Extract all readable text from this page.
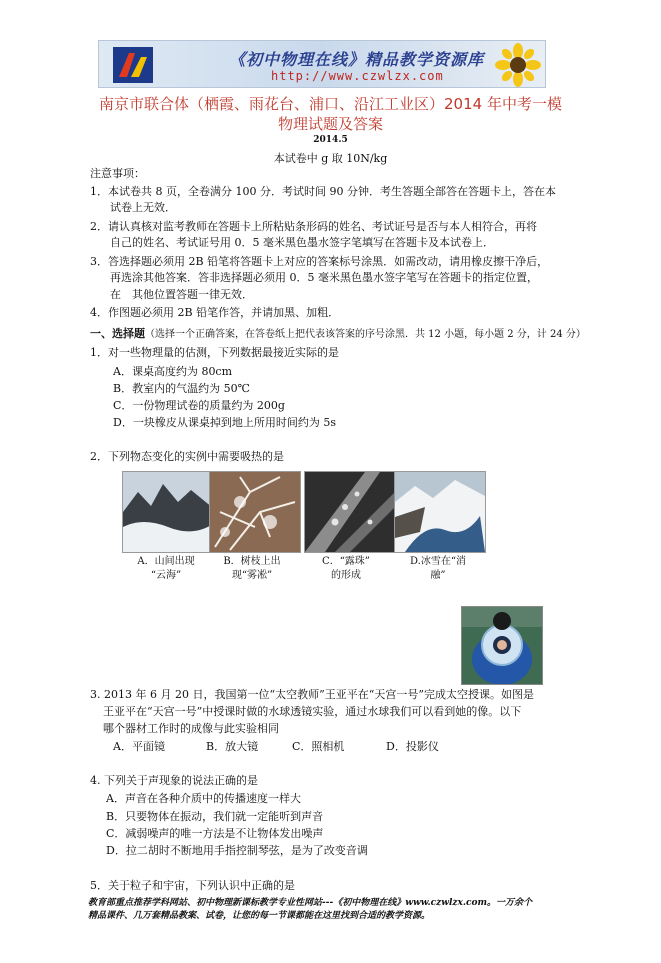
《初中物理在线》精品教学资源库
http://www.czwlzx.com
南京市联合体（栖霞、雨花台、浦口、沿江工业区）2014 年中考一模
物理试题及答案
2014.5
本试卷中 g 取 10N/kg
注意事项：
1．本试卷共 8 页，全卷满分 100 分．考试时间 90 分钟．考生答题全部答在答题卡上，答在本
试卷上无效．
2．请认真核对监考教师在答题卡上所粘贴条形码的姓名、考试证号是否与本人相符合，再将
自己的姓名、考试证号用 0．5 毫米黑色墨水签字笔填写在答题卡及本试卷上．
3．答选择题必须用 2B 铅笔将答题卡上对应的答案标号涂黑．如需改动，请用橡皮擦干净后，
再选涂其他答案．答非选择题必须用 0．5 毫米黑色墨水签字笔写在答题卡的指定位置，
在　其他位置答题一律无效．
4．作图题必须用 2B 铅笔作答，并请加黑、加粗．
一、选择题（选择一个正确答案，在答卷纸上把代表该答案的序号涂黑．共 12 小题，每小题 2 分，计 24 分）
1．对一些物理量的估测，下列数据最接近实际的是
A．课桌高度约为 80cm
B．教室内的气温约为 50℃
C．一份物理试卷的质量约为 200g
D．一块橡皮从课桌掉到地上所用时间约为 5s
2．下列物态变化的实例中需要吸热的是
A．山间出现
“云海”
B．树枝上出
现“雾凇”
C．“露珠”
的形成
D.冰雪在“消
融”
3. 2013 年 6 月 20 日，我国第一位“太空教师”王亚平在“天宫一号”完成太空授课。如图是
王亚平在“天宫一号”中授课时做的水球透镜实验，通过水球我们可以看到她的像。以下
哪个器材工作时的成像与此实验相同
A．平面镜	B．放大镜	C．照相机	D．投影仪
4. 下列关于声现象的说法正确的是
A．声音在各种介质中的传播速度一样大
B．只要物体在振动，我们就一定能听到声音
C．减弱噪声的唯一方法是不让物体发出噪声
D．拉二胡时不断地用手指控制琴弦，是为了改变音调
5．关于粒子和宇宙，下列认识中正确的是
教育部重点推荐学科网站、初中物理新课标教学专业性网站---《初中物理在线》www.czwlzx.com。一万余个
精品课件、几万套精品教案、试卷，让您的每一节课都能在这里找到合适的教学资源。
